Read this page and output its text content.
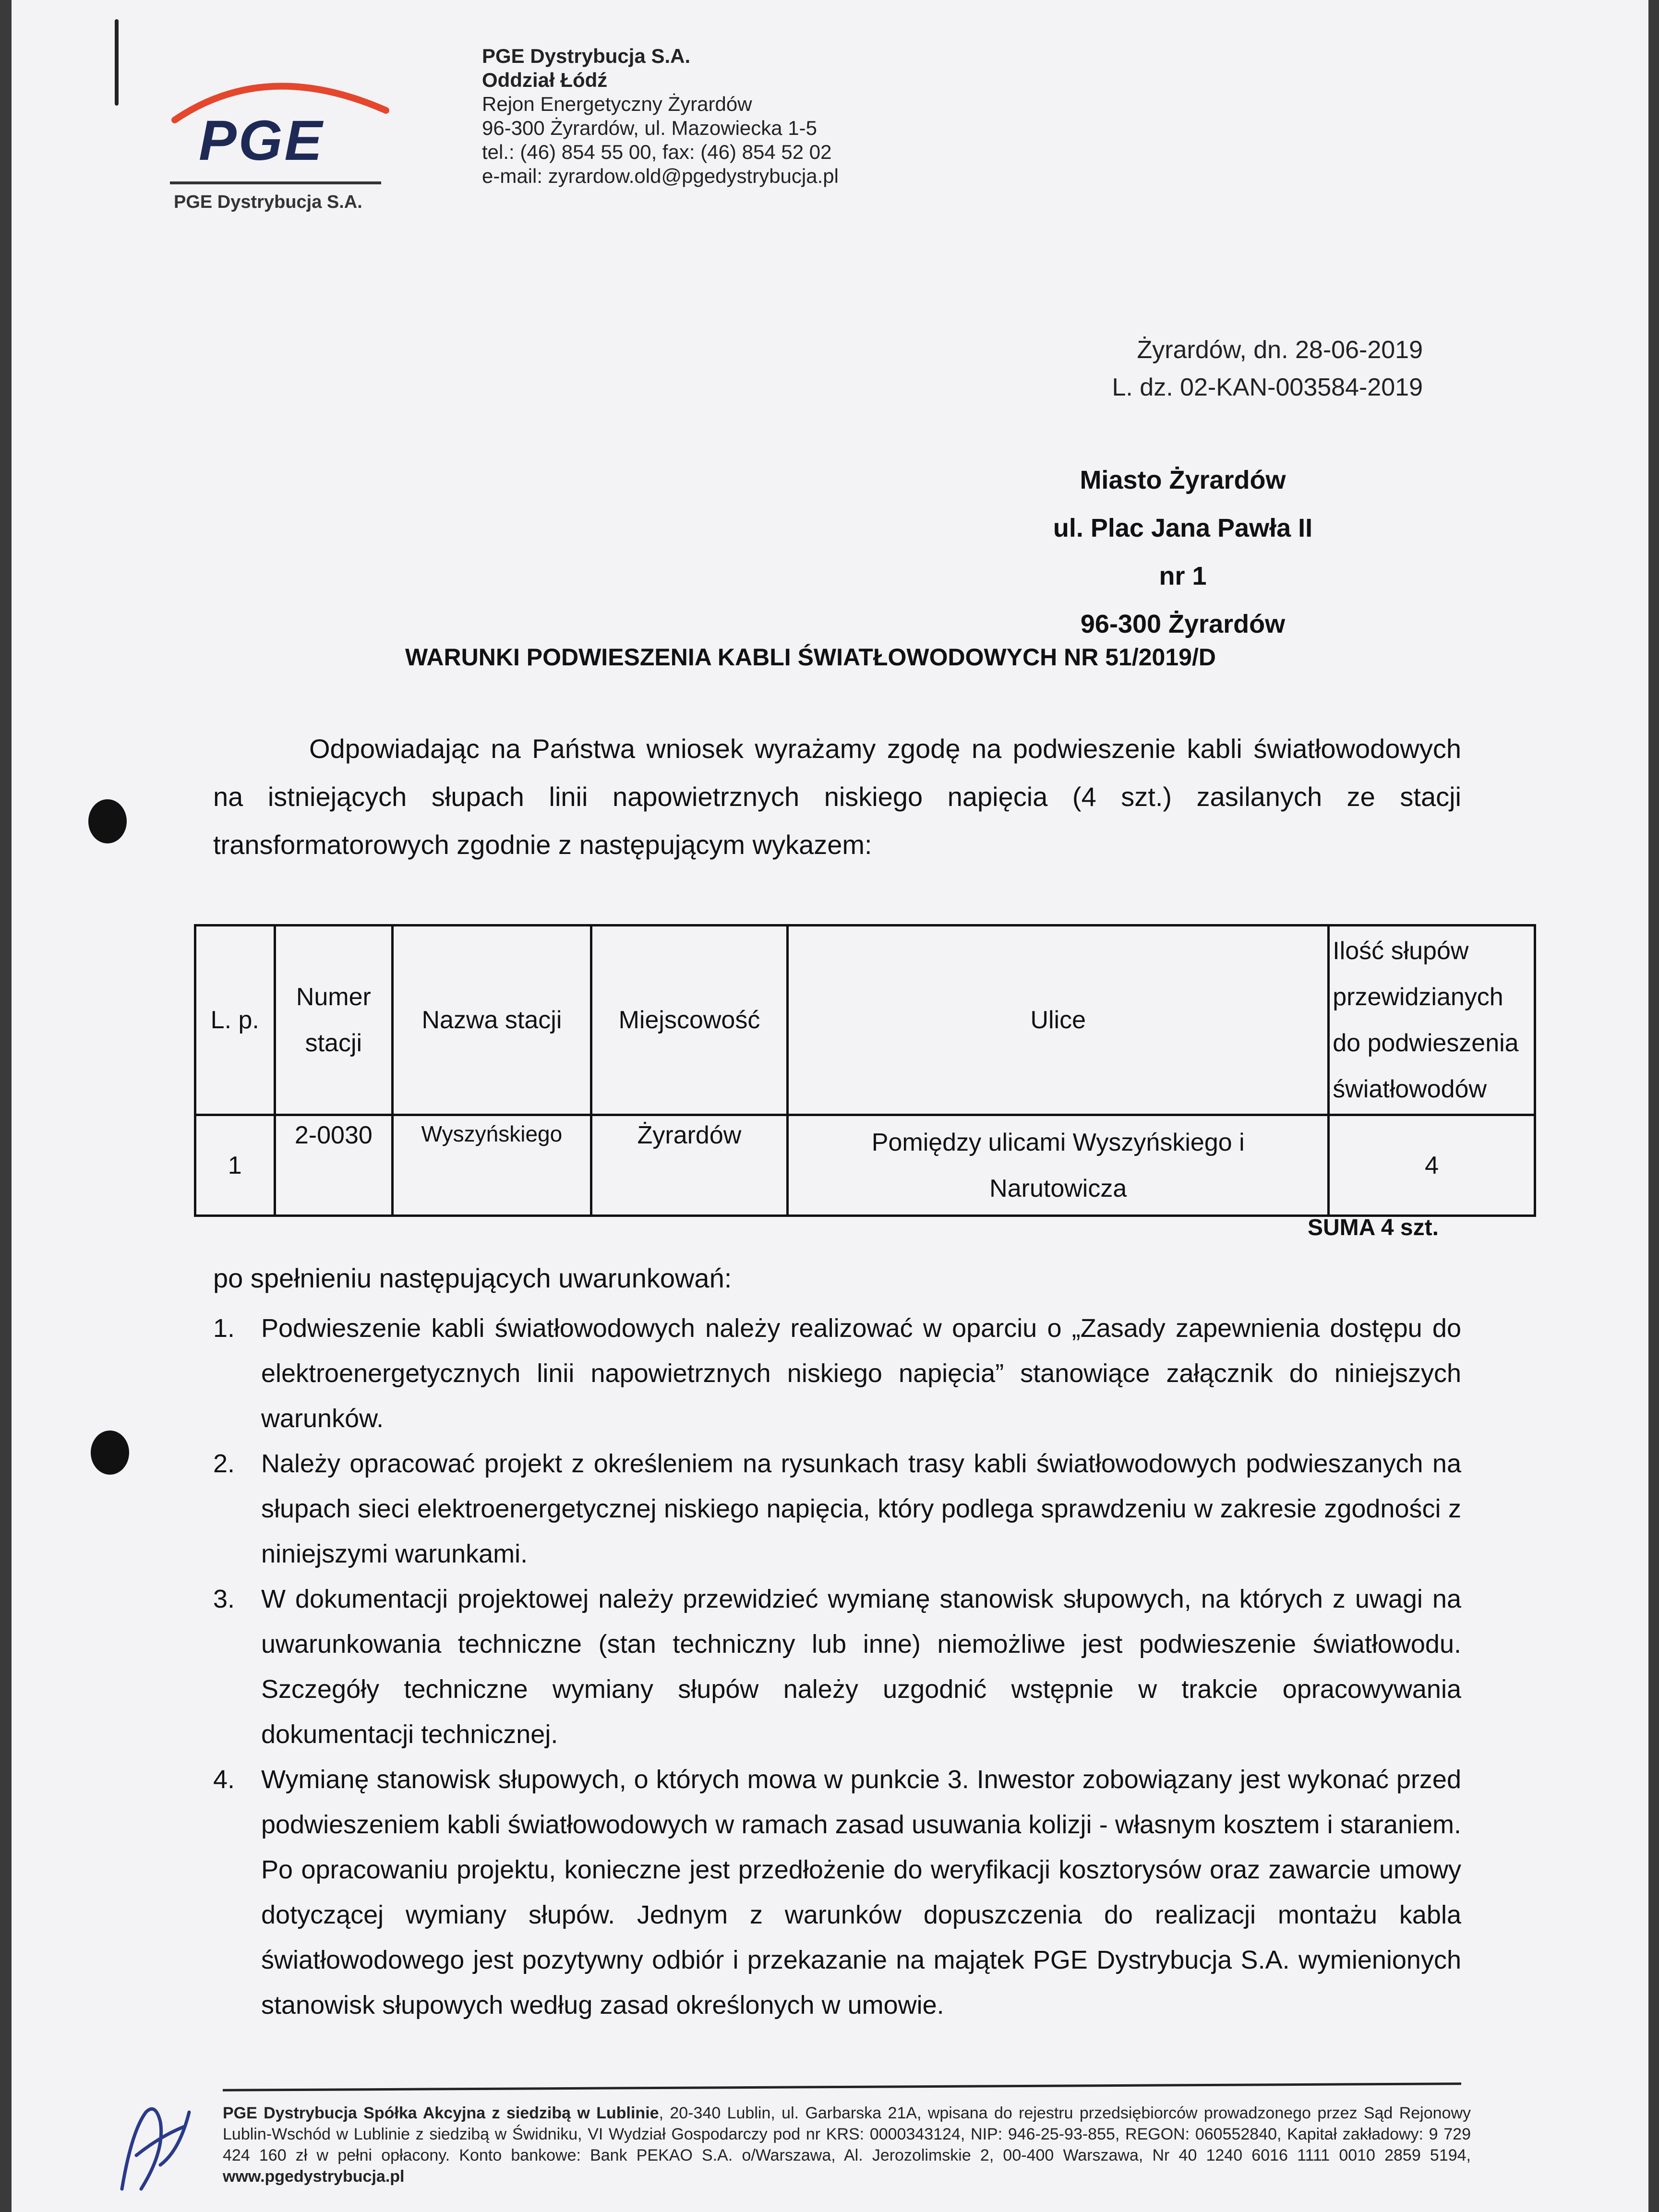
PGE
PGE Dystrybucja S.A.
PGE Dystrybucja S.A.
Oddział Łódź
Rejon Energetyczny Żyrardów
96-300 Żyrardów, ul. Mazowiecka 1-5
tel.: (46) 854 55 00, fax: (46) 854 52 02
e-mail: zyrardow.old@pgedystrybucja.pl
Żyrardów, dn. 28-06-2019
L. dz. 02-KAN-003584-2019
Miasto Żyrardów
ul. Plac Jana Pawła II nr 1
96-300 Żyrardów
WARUNKI PODWIESZENIA KABLI ŚWIATŁOWODOWYCH NR 51/2019/D
Odpowiadając na Państwa wniosek wyrażamy zgodę na podwieszenie kabli światłowodowych na istniejących słupach linii napowietrznych niskiego napięcia (4 szt.) zasilanych ze stacji transformatorowych zgodnie z następującym wykazem:
L. p.	Numer stacji	Nazwa stacji	Miejscowość	Ulice	Ilość słupów przewidzianych do podwieszenia światłowodów
1	2-0030	Wyszyńskiego	Żyrardów	Pomiędzy ulicami Wyszyńskiego i Narutowicza	4
SUMA 4 szt.
po spełnieniu następujących uwarunkowań:
1. Podwieszenie kabli światłowodowych należy realizować w oparciu o „Zasady zapewnienia dostępu do elektroenergetycznych linii napowietrznych niskiego napięcia” stanowiące załącznik do niniejszych warunków.
2. Należy opracować projekt z określeniem na rysunkach trasy kabli światłowodowych podwieszanych na słupach sieci elektroenergetycznej niskiego napięcia, który podlega sprawdzeniu w zakresie zgodności z niniejszymi warunkami.
3. W dokumentacji projektowej należy przewidzieć wymianę stanowisk słupowych, na których z uwagi na uwarunkowania techniczne (stan techniczny lub inne) niemożliwe jest podwieszenie światłowodu. Szczegóły techniczne wymiany słupów należy uzgodnić wstępnie w trakcie opracowywania dokumentacji technicznej.
4. Wymianę stanowisk słupowych, o których mowa w punkcie 3. Inwestor zobowiązany jest wykonać przed podwieszeniem kabli światłowodowych w ramach zasad usuwania kolizji - własnym kosztem i staraniem. Po opracowaniu projektu, konieczne jest przedłożenie do weryfikacji kosztorysów oraz zawarcie umowy dotyczącej wymiany słupów. Jednym z warunków dopuszczenia do realizacji montażu kabla światłowodowego jest pozytywny odbiór i przekazanie na majątek PGE Dystrybucja S.A. wymienionych stanowisk słupowych według zasad określonych w umowie.
PGE Dystrybucja Spółka Akcyjna z siedzibą w Lublinie, 20-340 Lublin, ul. Garbarska 21A, wpisana do rejestru przedsiębiorców prowadzonego przez Sąd Rejonowy Lublin-Wschód w Lublinie z siedzibą w Świdniku, VI Wydział Gospodarczy pod nr KRS: 0000343124, NIP: 946-25-93-855, REGON: 060552840, Kapitał zakładowy: 9 729 424 160 zł w pełni opłacony. Konto bankowe: Bank PEKAO S.A. o/Warszawa, Al. Jerozolimskie 2, 00-400 Warszawa, Nr 40 1240 6016 1111 0010 2859 5194, www.pgedystrybucja.pl
